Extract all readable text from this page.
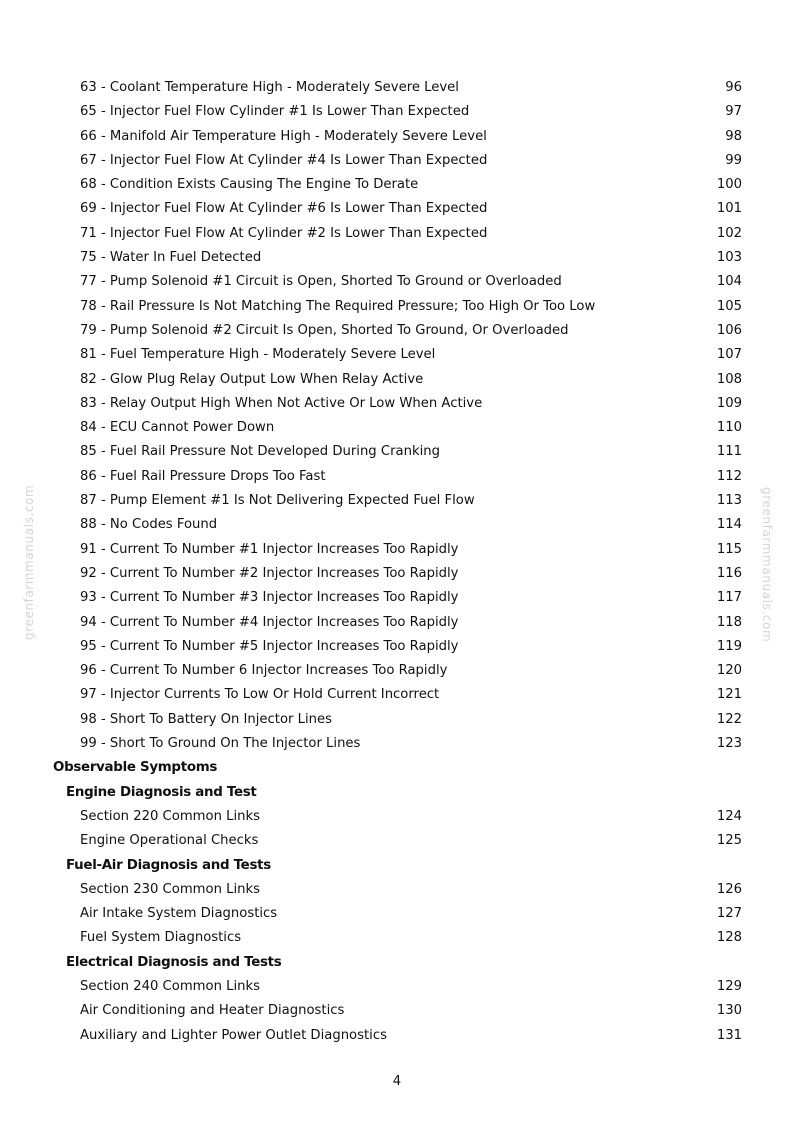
greenfarmmanuals.com	greenfarmmanuals.com
63 - Coolant Temperature High - Moderately Severe Level	96
65 - Injector Fuel Flow Cylinder #1 Is Lower Than Expected	97
66 - Manifold Air Temperature High - Moderately Severe Level	98
67 - Injector Fuel Flow At Cylinder #4 Is Lower Than Expected	99
68 - Condition Exists Causing The Engine To Derate	100
69 - Injector Fuel Flow At Cylinder #6 Is Lower Than Expected	101
71 - Injector Fuel Flow At Cylinder #2 Is Lower Than Expected	102
75 - Water In Fuel Detected	103
77 - Pump Solenoid #1 Circuit is Open, Shorted To Ground or Overloaded	104
78 - Rail Pressure Is Not Matching The Required Pressure; Too High Or Too Low	105
79 - Pump Solenoid #2 Circuit Is Open, Shorted To Ground, Or Overloaded	106
81 - Fuel Temperature High - Moderately Severe Level	107
82 - Glow Plug Relay Output Low When Relay Active	108
83 - Relay Output High When Not Active Or Low When Active	109
84 - ECU Cannot Power Down	110
85 - Fuel Rail Pressure Not Developed During Cranking	111
86 - Fuel Rail Pressure Drops Too Fast	112
87 - Pump Element #1 Is Not Delivering Expected Fuel Flow	113
88 - No Codes Found	114
91 - Current To Number #1 Injector Increases Too Rapidly	115
92 - Current To Number #2 Injector Increases Too Rapidly	116
93 - Current To Number #3 Injector Increases Too Rapidly	117
94 - Current To Number #4 Injector Increases Too Rapidly	118
95 - Current To Number #5 Injector Increases Too Rapidly	119
96 - Current To Number 6 Injector Increases Too Rapidly	120
97 - Injector Currents To Low Or Hold Current Incorrect	121
98 - Short To Battery On Injector Lines	122
99 - Short To Ground On The Injector Lines	123
Observable Symptoms
Engine Diagnosis and Test
Section 220 Common Links	124
Engine Operational Checks	125
Fuel-Air Diagnosis and Tests
Section 230 Common Links	126
Air Intake System Diagnostics	127
Fuel System Diagnostics	128
Electrical Diagnosis and Tests
Section 240 Common Links	129
Air Conditioning and Heater Diagnostics	130
Auxiliary and Lighter Power Outlet Diagnostics	131
4
